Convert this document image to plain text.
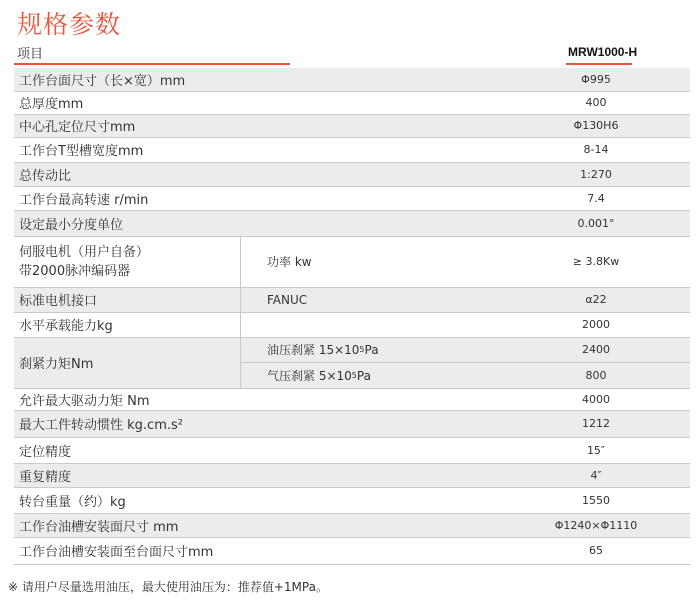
规格参数
项目	MRW1000-H
工作台面尺寸（长×宽）mm	Φ995
总厚度mm	400
中心孔定位尺寸mm	Φ130H6
工作台T型槽宽度mm	8-14
总传动比	1:270
工作台最高转速 r/min	7.4
设定最小分度单位	0.001°
伺服电机（用户自备）
带2000脉冲编码器
功率 kw	≥ 3.8Kw
标准电机接口	FANUC	α22
水平承载能力kg	2000
刹紧力矩Nm
油压刹紧 15×10 5 Pa	2400
气压刹紧 5×10 5 Pa	800
允许最大驱动力矩 Nm	4000
最大工件转动惯性 kg.cm.s²	1212
定位精度	15″
重复精度	4″
转台重量（约）kg	1550
工作台油槽安装面尺寸 mm	Φ1240×Φ1110
工作台油槽安装面至台面尺寸mm	65
※ 请用户尽量选用油压，最大使用油压为：推荐值+1MPa。
